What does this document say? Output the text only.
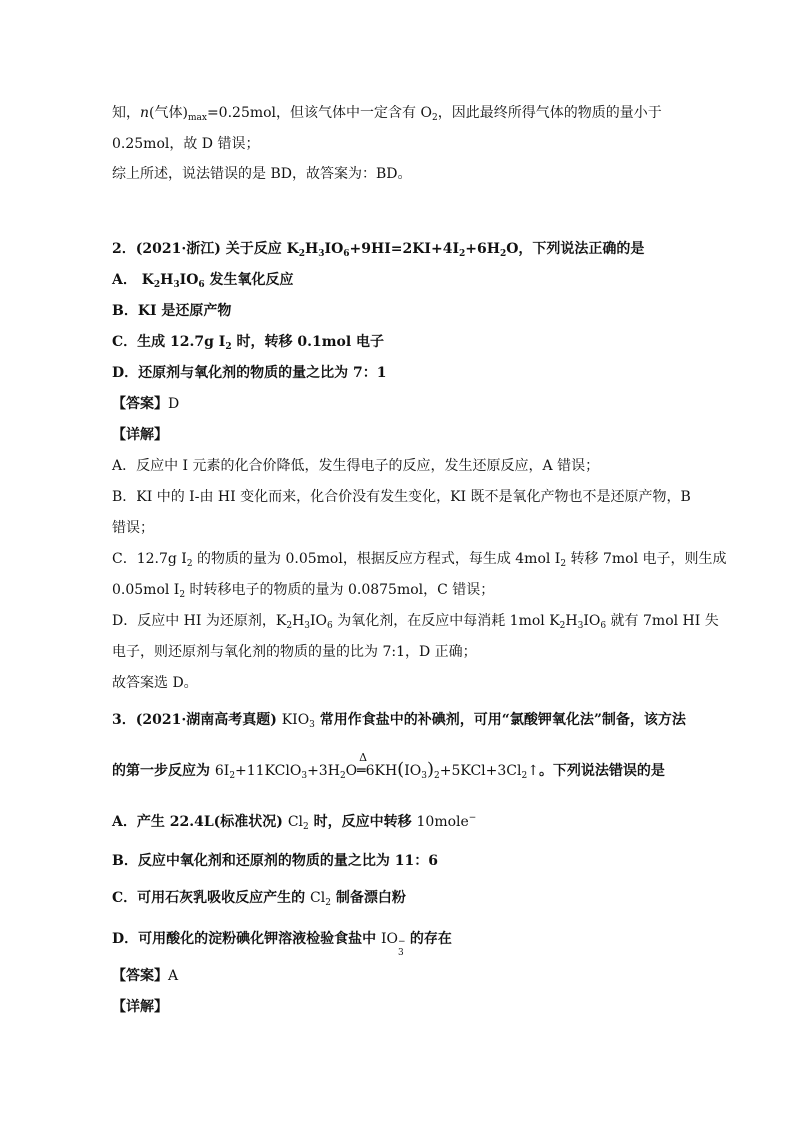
知，n(气体)$_{max}=0.25mol$，但该气体中一定含有 $O_2$，因此最终所得气体的物质的量小于
0.25mol，故 D 错误；
综上所述，说法错误的是 BD，故答案为：BD。
2．(2021·浙江) 关于反应 $K_2H_3IO_6+9HI=2KI+4I_2+6H_2O$，下列说法正确的是
A． $K_2H_3IO_6$ 发生氧化反应
B．KI 是还原产物
C．生成 12.7g $I_2$ 时，转移 0.1mol 电子
D．还原剂与氧化剂的物质的量之比为 7：1
【答案】D
【详解】
A．反应中 I 元素的化合价降低，发生得电子的反应，发生还原反应，A 错误；
B．KI 中的 I-由 HI 变化而来，化合价没有发生变化，KI 既不是氧化产物也不是还原产物，B
错误；
C．12.7g $I_2$ 的物质的量为 0.05mol，根据反应方程式，每生成 4mol $I_2$ 转移 7mol 电子，则生成
0.05mol $I_2$ 时转移电子的物质的量为 0.0875mol，C 错误；
D．反应中 HI 为还原剂，$K_2H_3IO_6$ 为氧化剂，在反应中每消耗 1mol $K_2H_3IO_6$ 就有 7mol HI 失
电子，则还原剂与氧化剂的物质的量的比为 7:1，D 正确；
故答案选 D。
3．(2021·湖南高考真题) $KIO_3$ 常用作食盐中的补碘剂，可用“氯酸钾氧化法”制备，该方法
的第一步反应为 $6I_2+11KClO_3+3H_2O$
Δ
$═6KH(IO_3)_2+5KCl+3Cl_2↑$。下列说法错误的是
A．产生 22.4L(标准状况) $Cl_2$ 时，反应中转移 10mole−
B．反应中氧化剂和还原剂的物质的量之比为 11：6
C．可用石灰乳吸收反应产生的 $Cl_2$ 制备漂白粉
D．可用酸化的淀粉碘化钾溶液检验食盐中 IO −
3
的存在
【答案】A
【详解】
